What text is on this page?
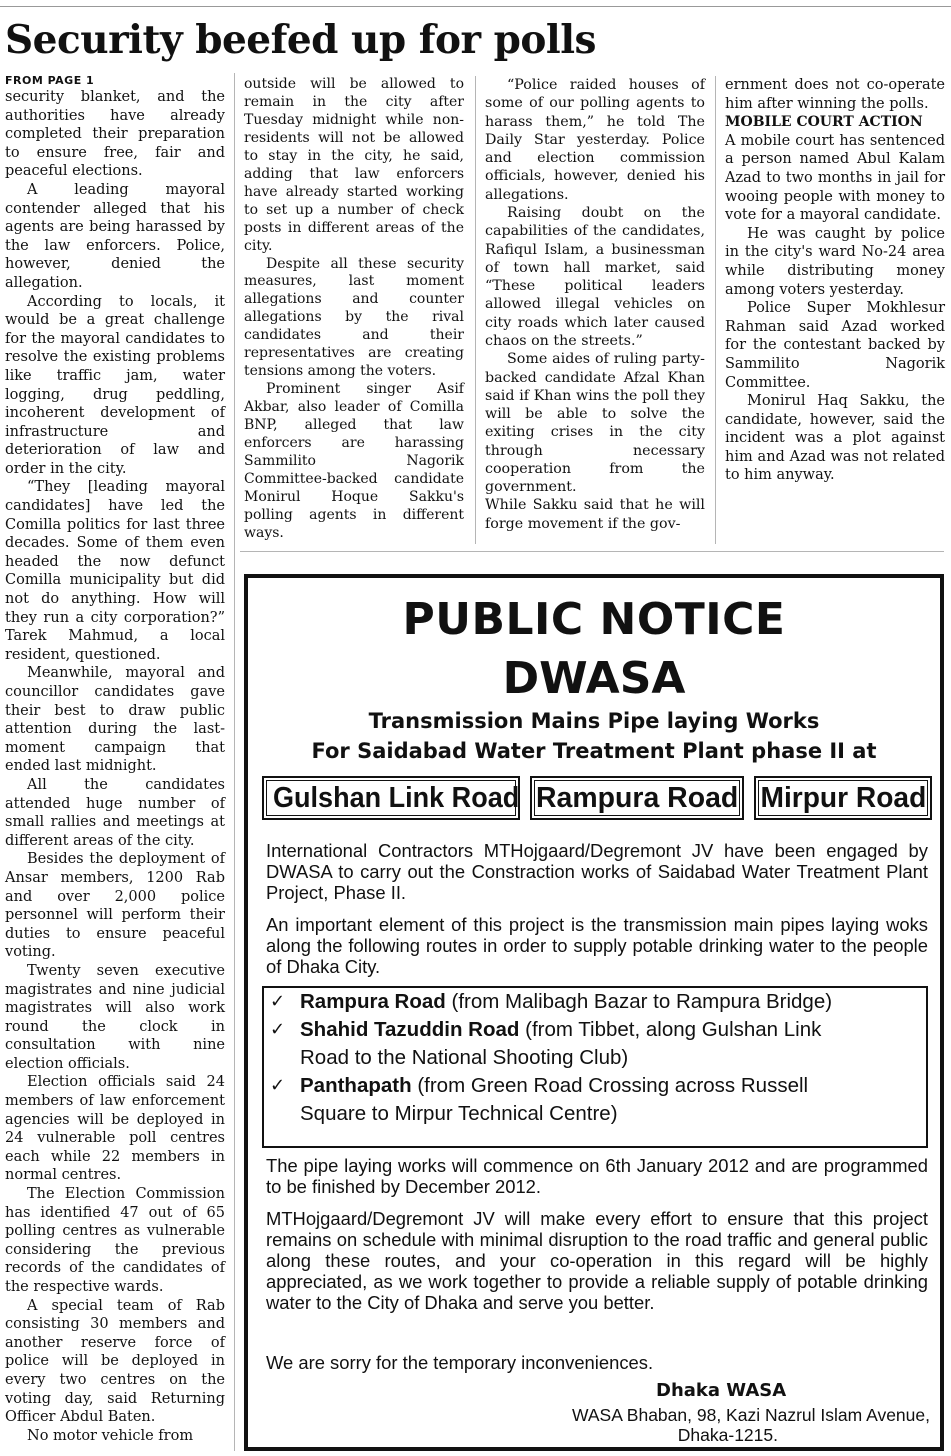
Security beefed up for polls
FROM PAGE 1

security blanket, and the authorities have already completed their preparation to ensure free, fair and peaceful elections.

A leading mayoral contender alleged that his agents are being harassed by the law enforcers. Police, however, denied the allegation.

According to locals, it would be a great challenge for the mayoral candidates to resolve the existing problems like traffic jam, water logging, drug peddling, incoherent development of infrastructure and deterioration of law and order in the city.

“They [leading mayoral candidates] have led the Comilla politics for last three decades. Some of them even headed the now defunct Comilla municipality but did not do anything. How will they run a city corporation?” Tarek Mahmud, a local resident, questioned.

Meanwhile, mayoral and councillor candidates gave their best to draw public attention during the last-moment campaign that ended last midnight.

All the candidates attended huge number of small rallies and meetings at different areas of the city.

Besides the deployment of Ansar members, 1200 Rab and over 2,000 police personnel will perform their duties to ensure peaceful voting.

Twenty seven executive magistrates and nine judicial magistrates will also work round the clock in consultation with nine election officials.

Election officials said 24 members of law enforcement agencies will be deployed in 24 vulnerable poll centres each while 22 members in normal centres.

The Election Commission has identified 47 out of 65 polling centres as vulnerable considering the previous records of the candidates of the respective wards.

A special team of Rab consisting 30 members and another reserve force of police will be deployed in every two centres on the voting day, said Returning Officer Abdul Baten.

No motor vehicle from

outside will be allowed to remain in the city after Tuesday midnight while non-residents will not be allowed to stay in the city, he said, adding that law enforcers have already started working to set up a number of check posts in different areas of the city.

Despite all these security measures, last moment allegations and counter allegations by the rival candidates and their representatives are creating tensions among the voters.

Prominent singer Asif Akbar, also leader of Comilla BNP, alleged that law enforcers are harassing Sammilito Nagorik Committee-backed candidate Monirul Hoque Sakku's polling agents in different ways.

“Police raided houses of some of our polling agents to harass them,” he told The Daily Star yesterday. Police and election commission officials, however, denied his allegations.

Raising doubt on the capabilities of the candidates, Rafiqul Islam, a businessman of town hall market, said “These political leaders allowed illegal vehicles on city roads which later caused chaos on the streets.”

Some aides of ruling party-backed candidate Afzal Khan said if Khan wins the poll they will be able to solve the exiting crises in the city through necessary cooperation from the government.

While Sakku said that he will forge movement if the gov-

ernment does not co-operate him after winning the polls.

MOBILE COURT ACTION

A mobile court has sentenced a person named Abul Kalam Azad to two months in jail for wooing people with money to vote for a mayoral candidate.

He was caught by police in the city's ward No-24 area while distributing money among voters yesterday.

Police Super Mokhlesur Rahman said Azad worked for the contestant backed by Sammilito Nagorik Committee.

Monirul Haq Sakku, the candidate, however, said the incident was a plot against him and Azad was not related to him anyway.

PUBLIC NOTICE
DWASA
Transmission Mains Pipe laying Works
For Saidabad Water Treatment Plant phase II at
Gulshan Link Road Rampura Road Mirpur Road

International Contractors MTHojgaard/Degremont JV have been engaged by DWASA to carry out the Constraction works of Saidabad Water Treatment Plant Project, Phase II.

An important element of this project is the transmission main pipes laying woks along the following routes in order to supply potable drinking water to the people of Dhaka City.

✓ Rampura Road (from Malibagh Bazar to Rampura Bridge)
✓ Shahid Tazuddin Road (from Tibbet, along Gulshan Link
Road to the National Shooting Club)
✓ Panthapath (from Green Road Crossing across Russell
Square to Mirpur Technical Centre)

The pipe laying works will commence on 6th January 2012 and are programmed to be finished by December 2012.

MTHojgaard/Degremont JV will make every effort to ensure that this project remains on schedule with minimal disruption to the road traffic and general public along these routes, and your co-operation in this regard will be highly appreciated, as we work together to provide a reliable supply of potable drinking water to the City of Dhaka and serve you better.

We are sorry for the temporary inconveniences.

Dhaka WASA
WASA Bhaban, 98, Kazi Nazrul Islam Avenue,
Dhaka-1215.
